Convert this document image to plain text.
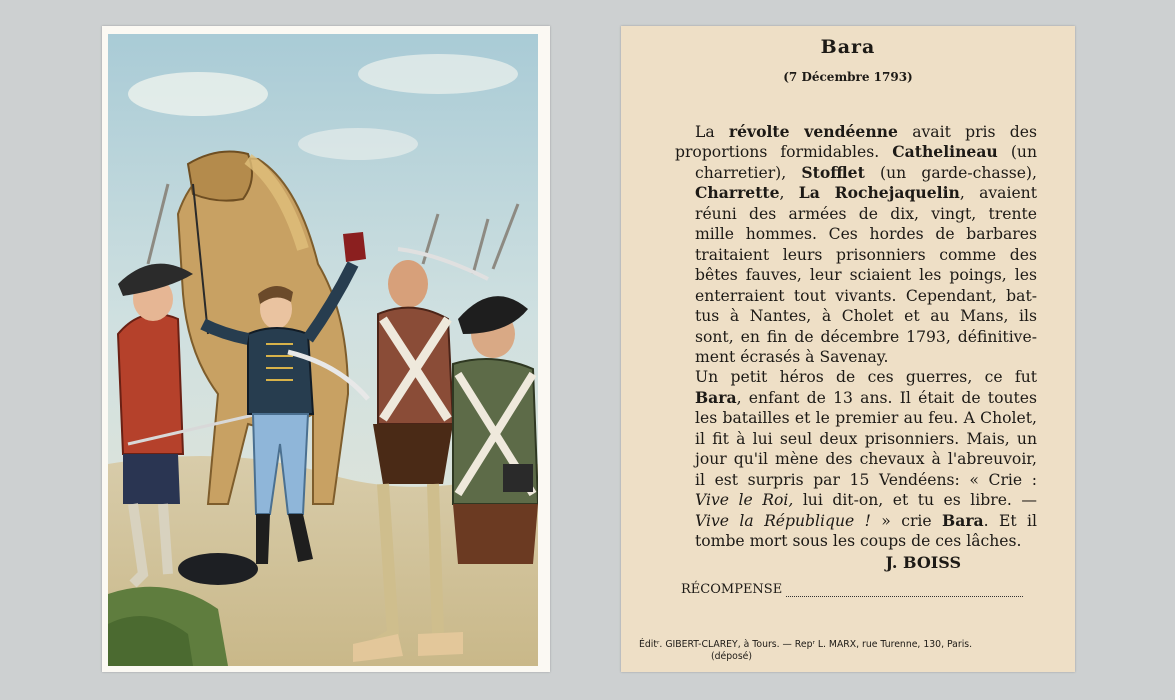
Bara
(7 Décembre 1793)

La révolte vendéenne avait pris des
proportions formidables. Cathelineau (un
charretier), Stofflet (un garde-chasse),
Charrette, La Rochejaquelin, avaient
réuni des armées de dix, vingt, trente
mille hommes. Ces hordes de barbares
traitaient leurs prisonniers comme des
bêtes fauves, leur sciaient les poings, les
enterraient tout vivants. Cependant, bat-
tus à Nantes, à Cholet et au Mans, ils
sont, en fin de décembre 1793, définitive-
ment écrasés à Savenay.

Un petit héros de ces guerres, ce fut
Bara, enfant de 13 ans. Il était de toutes
les batailles et le premier au feu. A Cholet,
il fit à lui seul deux prisonniers. Mais, un
jour qu'il mène des chevaux à l'abreuvoir,
il est surpris par 15 Vendéens: « Crie :
Vive le Roi, lui dit-on, et tu es libre. —
Vive la République ! » crie Bara. Et il
tombe mort sous les coups de ces lâches.

J. BOISS
RÉCOMPENSE
Éditʳ. GIBERT-CLAREY, à Tours. — Repʳ L. MARX, rue Turenne, 130, Paris.
(déposé)
